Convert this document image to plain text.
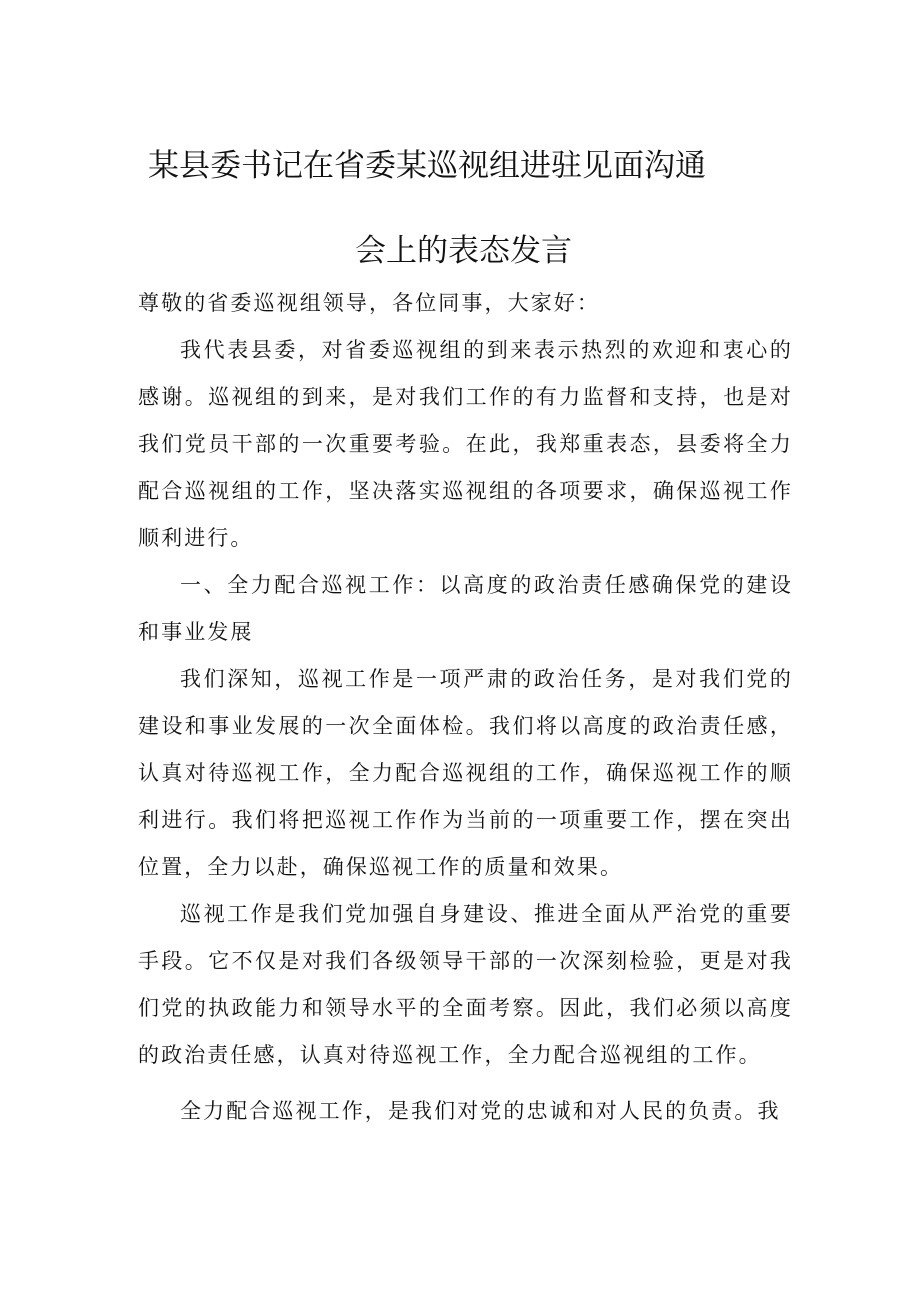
某县委书记在省委某巡视组进驻见面沟通
会上的表态发言

尊敬的省委巡视组领导，各位同事，大家好：

我代表县委，对省委巡视组的到来表示热烈的欢迎和衷心的感谢。巡视组的到来，是对我们工作的有力监督和支持，也是对我们党员干部的一次重要考验。在此，我郑重表态，县委将全力配合巡视组的工作，坚决落实巡视组的各项要求，确保巡视工作顺利进行。

一、全力配合巡视工作：以高度的政治责任感确保党的建设和事业发展

我们深知，巡视工作是一项严肃的政治任务，是对我们党的建设和事业发展的一次全面体检。我们将以高度的政治责任感，认真对待巡视工作，全力配合巡视组的工作，确保巡视工作的顺利进行。我们将把巡视工作作为当前的一项重要工作，摆在突出位置，全力以赴，确保巡视工作的质量和效果。

巡视工作是我们党加强自身建设、推进全面从严治党的重要手段。它不仅是对我们各级领导干部的一次深刻检验，更是对我们党的执政能力和领导水平的全面考察。因此，我们必须以高度的政治责任感，认真对待巡视工作，全力配合巡视组的工作。

全力配合巡视工作，是我们对党的忠诚和对人民的负责。我
